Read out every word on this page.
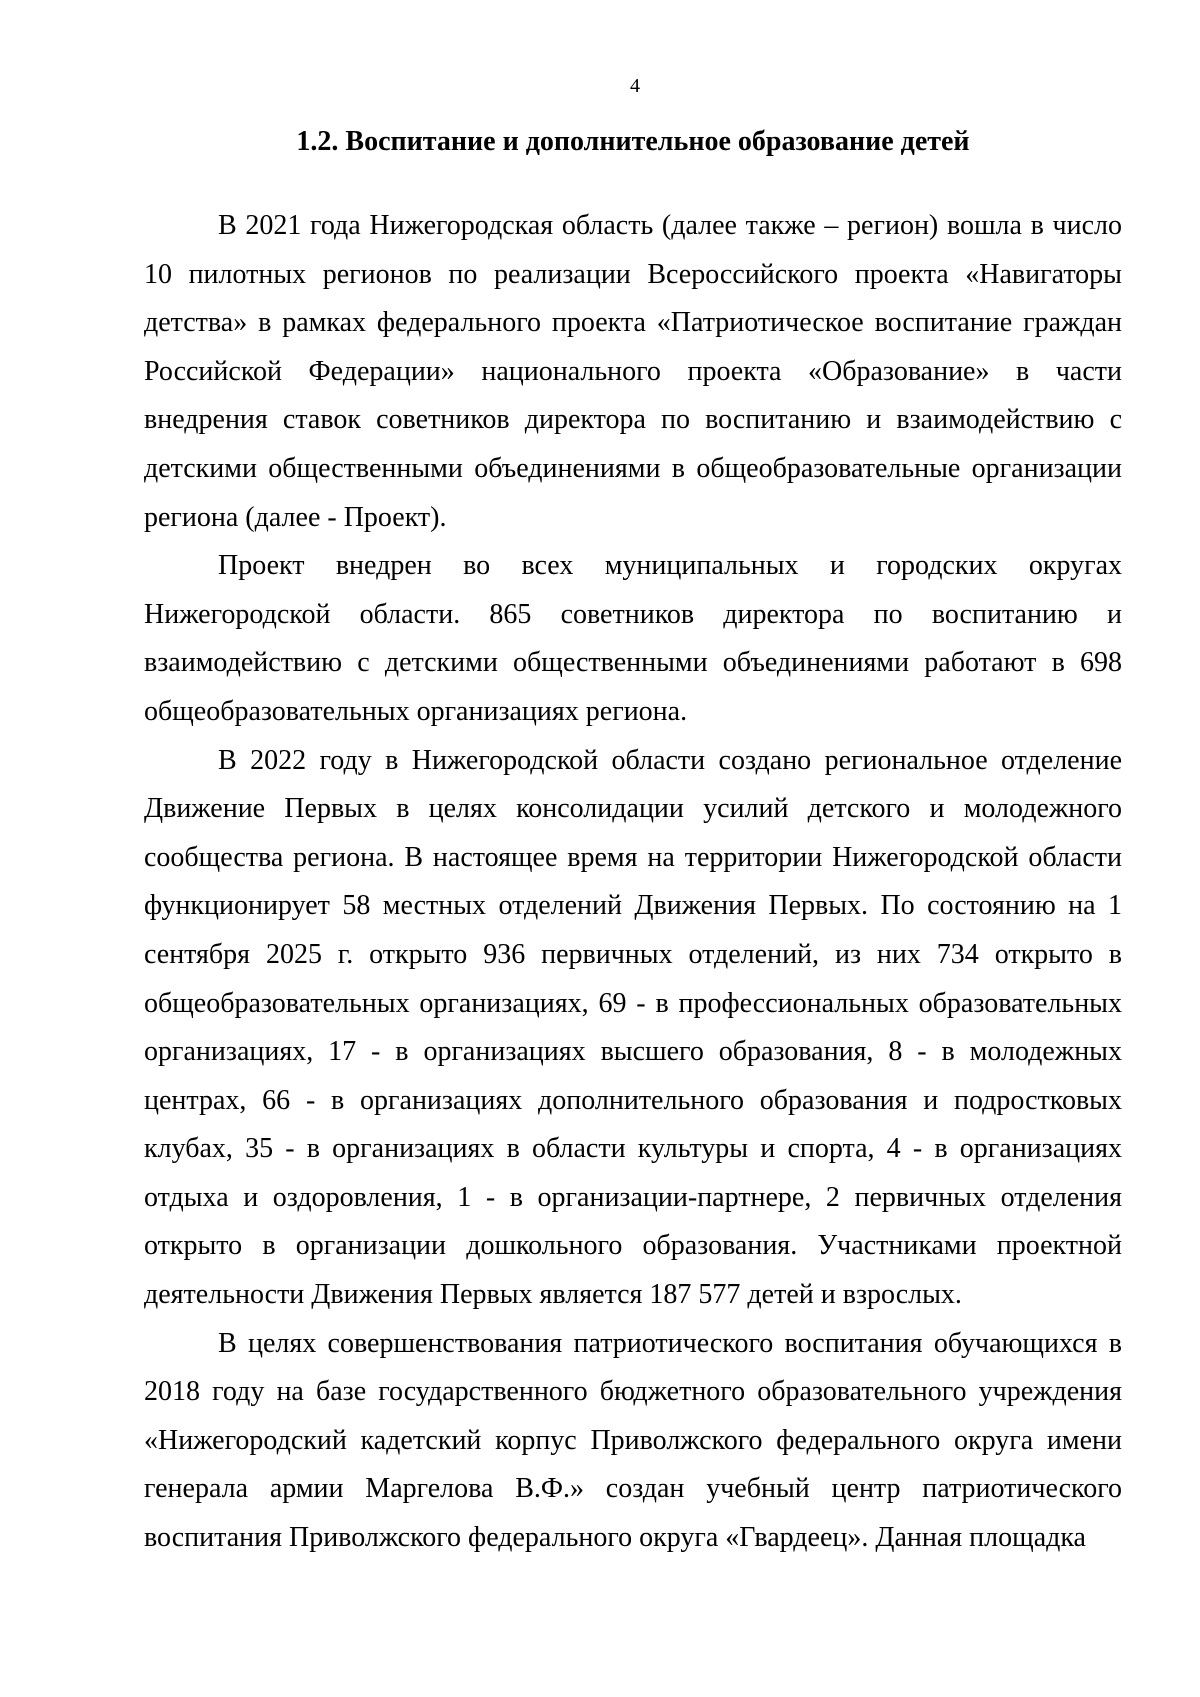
4
1.2. Воспитание и дополнительное образование детей

В 2021 года Нижегородская область (далее также – регион) вошла в число 10 пилотных регионов по реализации Всероссийского проекта «Навигаторы детства» в рамках федерального проекта «Патриотическое воспитание граждан Российской Федерации» национального проекта «Образование» в части внедрения ставок советников директора по воспитанию и взаимодействию с детскими общественными объединениями в общеобразовательные организации региона (далее - Проект).

Проект внедрен во всех муниципальных и городских округах Нижегородской области. 865 советников директора по воспитанию и взаимодействию с детскими общественными объединениями работают в 698 общеобразовательных организациях региона.

В 2022 году в Нижегородской области создано региональное отделение Движение Первых в целях консолидации усилий детского и молодежного сообщества региона. В настоящее время на территории Нижегородской области функционирует 58 местных отделений Движения Первых. По состоянию на 1 сентября 2025 г. открыто 936 первичных отделений, из них 734 открыто в общеобразовательных организациях, 69 - в профессиональных образовательных организациях, 17 - в организациях высшего образования, 8 - в молодежных центрах, 66 - в организациях дополнительного образования и подростковых клубах, 35 - в организациях в области культуры и спорта, 4 - в организациях отдыха и оздоровления, 1 - в организации-партнере, 2 первичных отделения открыто в организации дошкольного образования. Участниками проектной деятельности Движения Первых является 187 577 детей и взрослых.

В целях совершенствования патриотического воспитания обучающихся в 2018 году на базе государственного бюджетного образовательного учреждения «Нижегородский кадетский корпус Приволжского федерального округа имени генерала армии Маргелова В.Ф.» создан учебный центр патриотического воспитания Приволжского федерального округа «Гвардеец». Данная площадка
